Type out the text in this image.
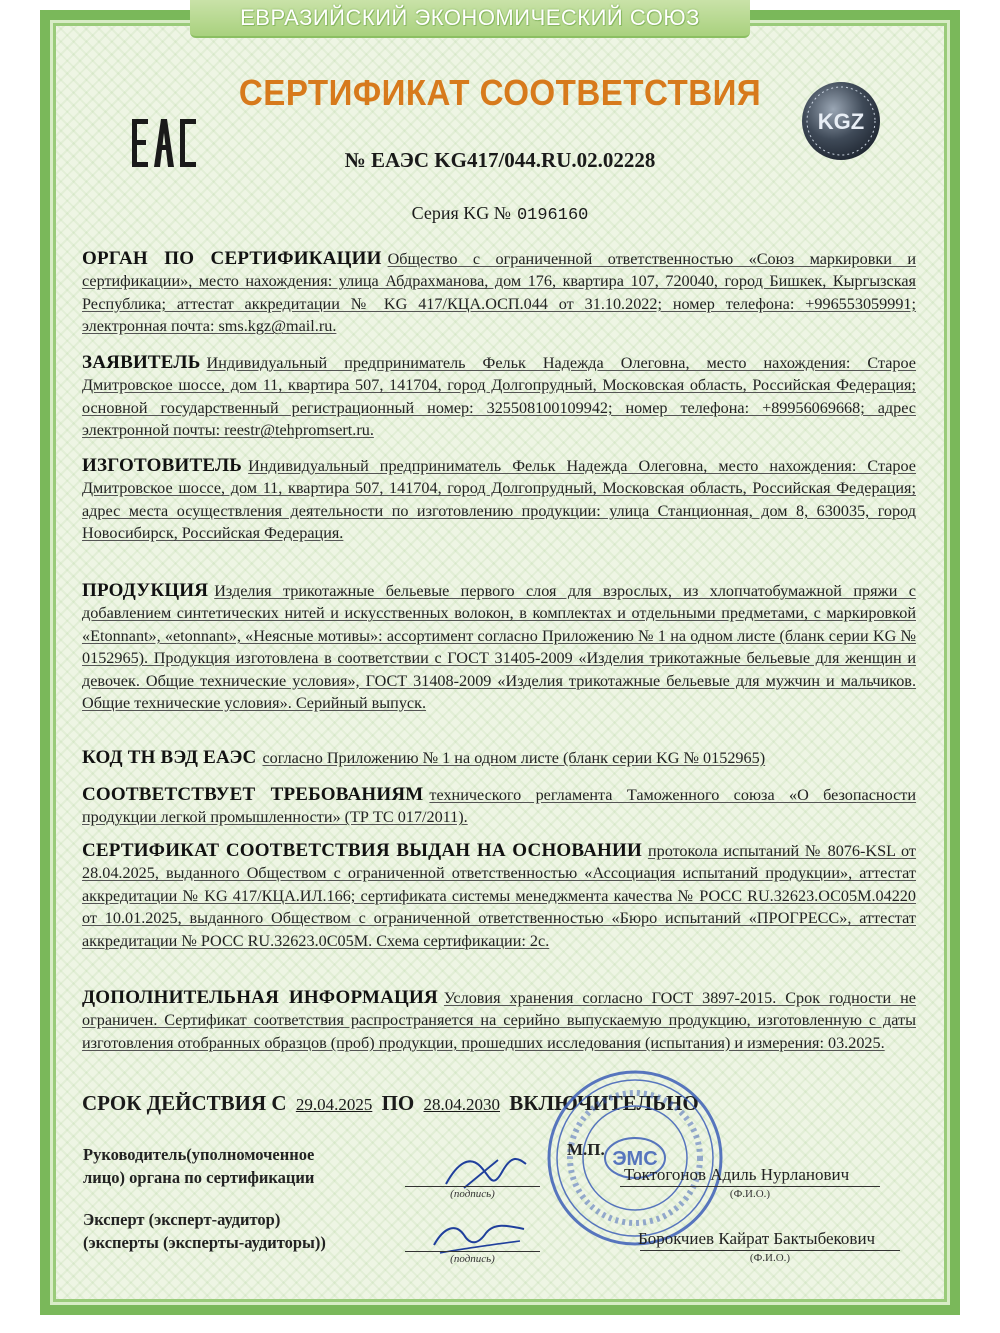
ЕВРАЗИЙСКИЙ ЭКОНОМИЧЕСКИЙ СОЮЗ
СЕРТИФИКАТ СООТВЕТСТВИЯ
KGZ
№ ЕАЭС KG417/044.RU.02.02228
Серия KG № 0196160
ОРГАН ПО СЕРТИФИКАЦИИ Общество с ограниченной ответственностью «Союз маркировки и сертификации», место нахождения: улица Абдрахманова, дом 176, квартира 107, 720040, город Бишкек, Кыргызская Республика; аттестат аккредитации № KG 417/КЦА.ОСП.044 от 31.10.2022; номер телефона: +996553059991; электронная почта: sms.kgz@mail.ru.
ЗАЯВИТЕЛЬ Индивидуальный предприниматель Фельк Надежда Олеговна, место нахождения: Старое Дмитровское шоссе, дом 11, квартира 507, 141704, город Долгопрудный, Московская область, Российская Федерация; основной государственный регистрационный номер: 325508100109942; номер телефона: +89956069668; адрес электронной почты: reestr@tehpromsert.ru.
ИЗГОТОВИТЕЛЬ Индивидуальный предприниматель Фельк Надежда Олеговна, место нахождения: Старое Дмитровское шоссе, дом 11, квартира 507, 141704, город Долгопрудный, Московская область, Российская Федерация; адрес места осуществления деятельности по изготовлению продукции: улица Станционная, дом 8, 630035, город Новосибирск, Российская Федерация.
ПРОДУКЦИЯ Изделия трикотажные бельевые первого слоя для взрослых, из хлопчатобумажной пряжи с добавлением синтетических нитей и искусственных волокон, в комплектах и отдельными предметами, с маркировкой «Etonnant», «etonnant», «Неясные мотивы»: ассортимент согласно Приложению № 1 на одном листе (бланк серии KG № 0152965). Продукция изготовлена в соответствии с ГОСТ 31405-2009 «Изделия трикотажные бельевые для женщин и девочек. Общие технические условия», ГОСТ 31408-2009 «Изделия трикотажные бельевые для мужчин и мальчиков. Общие технические условия». Серийный выпуск.
КОД ТН ВЭД ЕАЭС согласно Приложению № 1 на одном листе (бланк серии KG № 0152965)
СООТВЕТСТВУЕТ ТРЕБОВАНИЯМ технического регламента Таможенного союза «О безопасности продукции легкой промышленности» (ТР ТС 017/2011).
СЕРТИФИКАТ СООТВЕТСТВИЯ ВЫДАН НА ОСНОВАНИИ протокола испытаний № 8076-KSL от 28.04.2025, выданного Обществом с ограниченной ответственностью «Ассоциация испытаний продукции», аттестат аккредитации № KG 417/КЦА.ИЛ.166; сертификата системы менеджмента качества № РОСС RU.32623.ОС05М.04220 от 10.01.2025, выданного Обществом с ограниченной ответственностью «Бюро испытаний «ПРОГРЕСС», аттестат аккредитации № РОСС RU.32623.0С05М. Схема сертификации: 2с.
ДОПОЛНИТЕЛЬНАЯ ИНФОРМАЦИЯ Условия хранения согласно ГОСТ 3897-2015. Срок годности не ограничен. Сертификат соответствия распространяется на серийно выпускаемую продукцию, изготовленную с даты изготовления отобранных образцов (проб) продукции, прошедших исследования (испытания) и измерения: 03.2025.
СРОК ДЕЙСТВИЯ С 29.04.2025 ПО 28.04.2030 ВКЛЮЧИТЕЛЬНО
ЭМС
М.П.
Руководитель(уполномоченное
лицо) органа по сертификации
(подпись)
Токтогонов Адиль Нурланович
(Ф.И.О.)
Эксперт (эксперт-аудитор)
(эксперты (эксперты-аудиторы))
(подпись)
Борокчиев Кайрат Бактыбекович
(Ф.И.О.)
